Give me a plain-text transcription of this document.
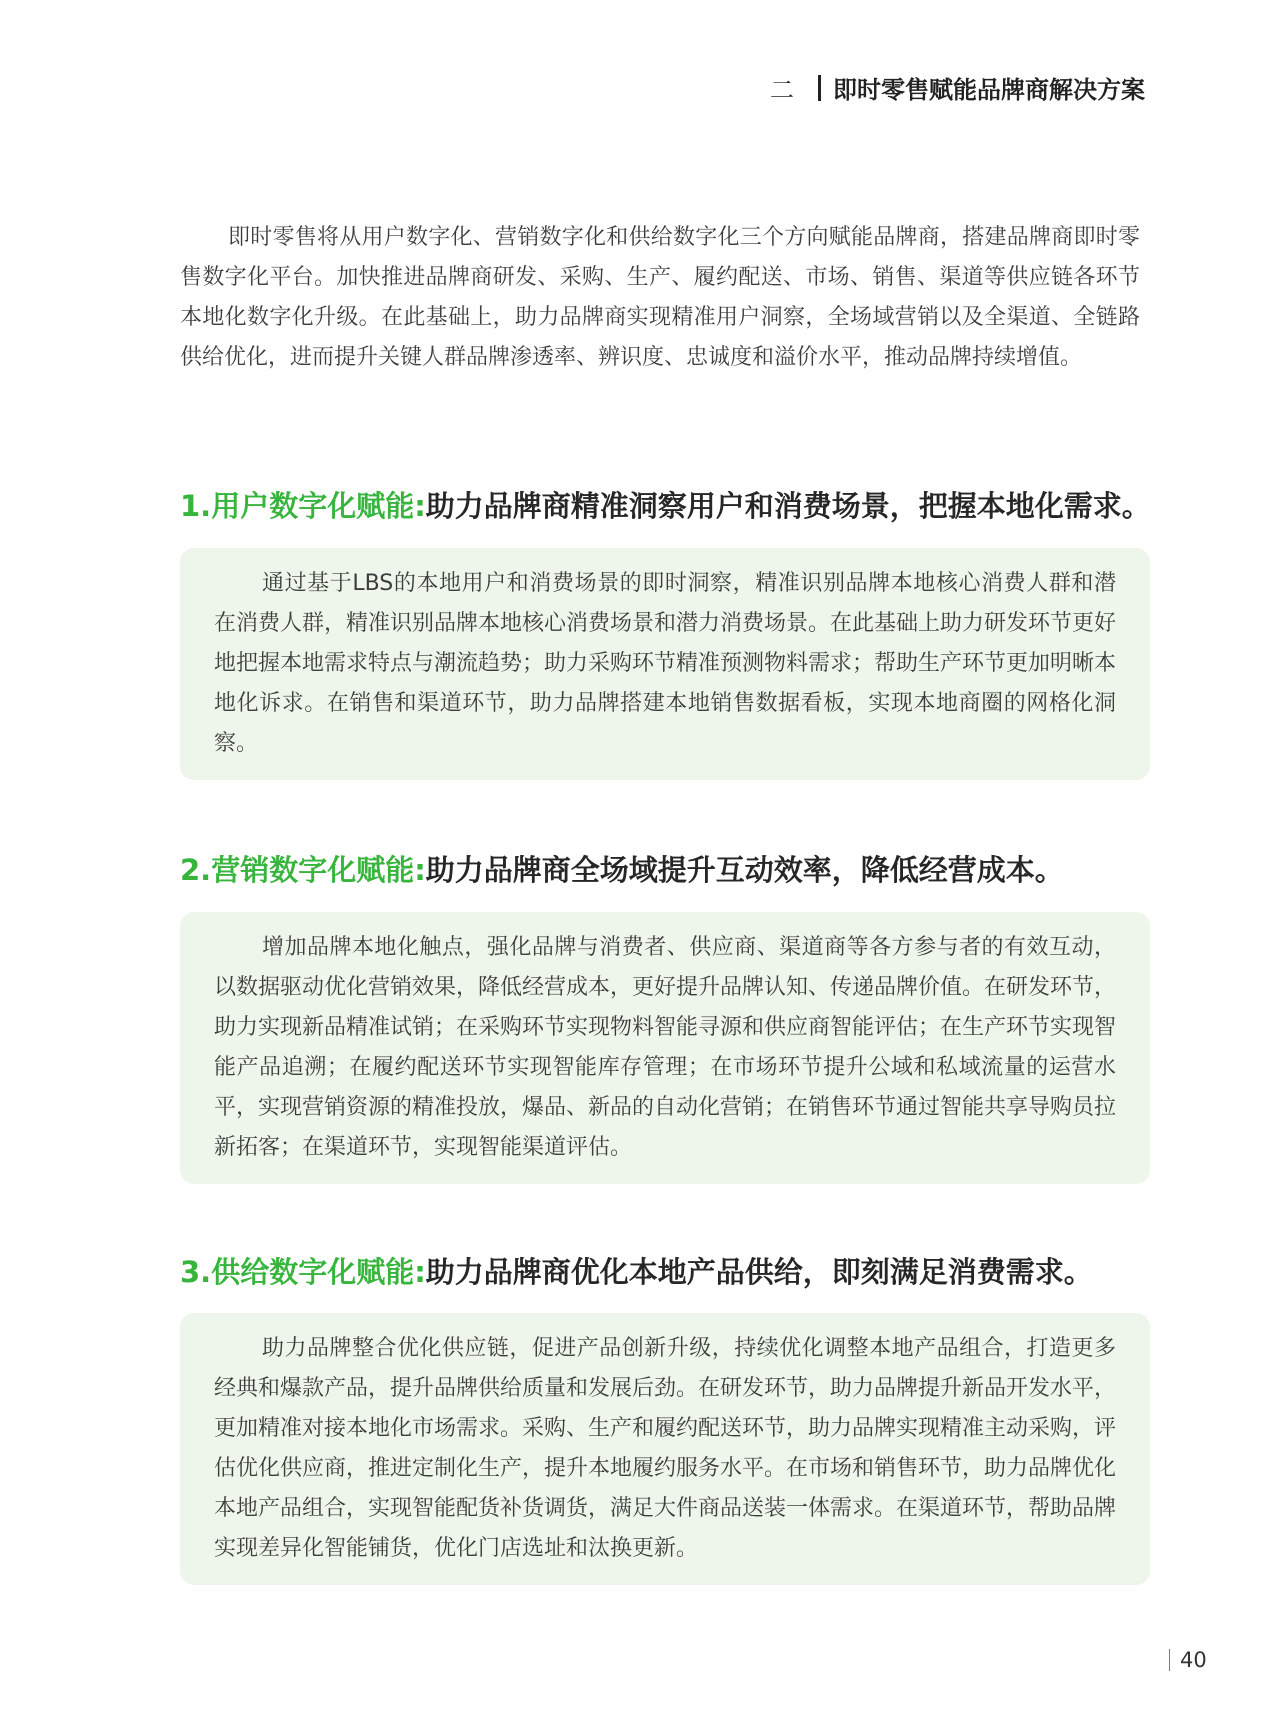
二 即时零售赋能品牌商解决方案

即时零售将从用户数字化、营销数字化和供给数字化三个方向赋能品牌商，搭建品牌商即时零售数字化平台。加快推进品牌商研发、采购、生产、履约配送、市场、销售、渠道等供应链各环节本地化数字化升级。在此基础上，助力品牌商实现精准用户洞察，全场域营销以及全渠道、全链路供给优化，进而提升关键人群品牌渗透率、辨识度、忠诚度和溢价水平，推动品牌持续增值。

1.用户数字化赋能:助力品牌商精准洞察用户和消费场景，把握本地化需求。

通过基于LBS的本地用户和消费场景的即时洞察，精准识别品牌本地核心消费人群和潜在消费人群，精准识别品牌本地核心消费场景和潜力消费场景。在此基础上助力研发环节更好地把握本地需求特点与潮流趋势；助力采购环节精准预测物料需求；帮助生产环节更加明晰本地化诉求。在销售和渠道环节，助力品牌搭建本地销售数据看板，实现本地商圈的网格化洞察。

2.营销数字化赋能:助力品牌商全场域提升互动效率，降低经营成本。

增加品牌本地化触点，强化品牌与消费者、供应商、渠道商等各方参与者的有效互动，以数据驱动优化营销效果，降低经营成本，更好提升品牌认知、传递品牌价值。在研发环节，助力实现新品精准试销；在采购环节实现物料智能寻源和供应商智能评估；在生产环节实现智能产品追溯；在履约配送环节实现智能库存管理；在市场环节提升公域和私域流量的运营水平，实现营销资源的精准投放，爆品、新品的自动化营销；在销售环节通过智能共享导购员拉新拓客；在渠道环节，实现智能渠道评估。

3.供给数字化赋能:助力品牌商优化本地产品供给，即刻满足消费需求。

助力品牌整合优化供应链，促进产品创新升级，持续优化调整本地产品组合，打造更多经典和爆款产品，提升品牌供给质量和发展后劲。在研发环节，助力品牌提升新品开发水平，更加精准对接本地化市场需求。采购、生产和履约配送环节，助力品牌实现精准主动采购，评估优化供应商，推进定制化生产，提升本地履约服务水平。在市场和销售环节，助力品牌优化本地产品组合，实现智能配货补货调货，满足大件商品送装一体需求。在渠道环节，帮助品牌实现差异化智能铺货，优化门店选址和汰换更新。

40
